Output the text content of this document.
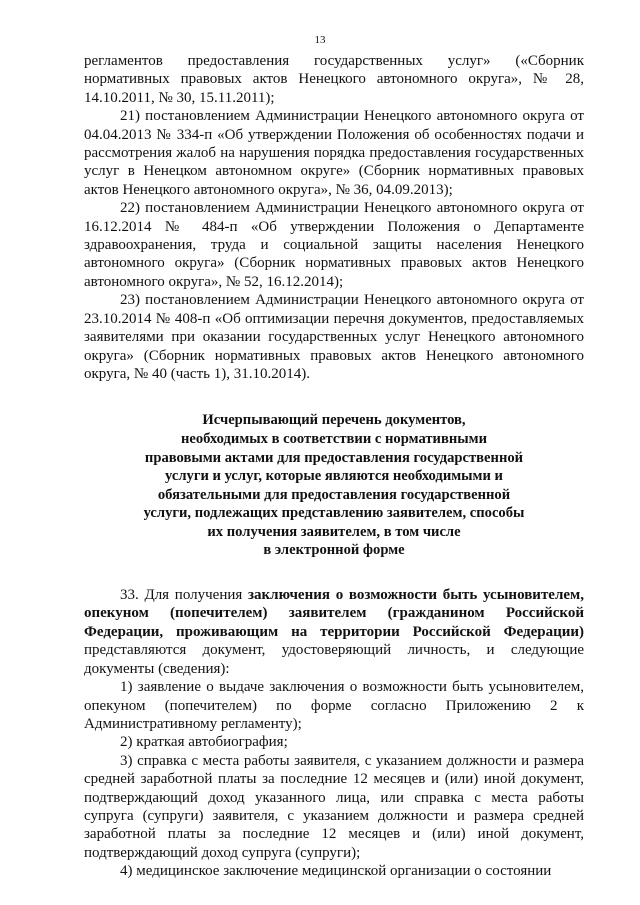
13

регламентов предоставления государственных услуг» («Сборник нормативных правовых актов Ненецкого автономного округа», № 28, 14.10.2011, № 30, 15.11.2011);

21) постановлением Администрации Ненецкого автономного округа от 04.04.2013 № 334-п «Об утверждении Положения об особенностях подачи и рассмотрения жалоб на нарушения порядка предоставления государственных услуг в Ненецком автономном округе» (Сборник нормативных правовых актов Ненецкого автономного округа», № 36, 04.09.2013);

22) постановлением Администрации Ненецкого автономного округа от 16.12.2014 № 484-п «Об утверждении Положения о Департаменте здравоохранения, труда и социальной защиты населения Ненецкого автономного округа» (Сборник нормативных правовых актов Ненецкого автономного округа», № 52, 16.12.2014);

23) постановлением Администрации Ненецкого автономного округа от 23.10.2014 № 408-п «Об оптимизации перечня документов, предоставляемых заявителями при оказании государственных услуг Ненецкого автономного округа» (Сборник нормативных правовых актов Ненецкого автономного округа, № 40 (часть 1), 31.10.2014).

Исчерпывающий перечень документов,
необходимых в соответствии с нормативными
правовыми актами для предоставления государственной
услуги и услуг, которые являются необходимыми и
обязательными для предоставления государственной
услуги, подлежащих представлению заявителем, способы
их получения заявителем, в том числе
в электронной форме

33. Для получения заключения о возможности быть усыновителем, опекуном (попечителем) заявителем (гражданином Российской Федерации, проживающим на территории Российской Федерации) представляются документ, удостоверяющий личность, и следующие документы (сведения):

1) заявление о выдаче заключения о возможности быть усыновителем, опекуном (попечителем) по форме согласно Приложению 2 к Административному регламенту);

2) краткая автобиография;

3) справка с места работы заявителя, с указанием должности и размера средней заработной платы за последние 12 месяцев и (или) иной документ, подтверждающий доход указанного лица, или справка с места работы супруга (супруги) заявителя, с указанием должности и размера средней заработной платы за последние 12 месяцев и (или) иной документ, подтверждающий доход супруга (супруги);

4) медицинское заключение медицинской организации о состоянии
